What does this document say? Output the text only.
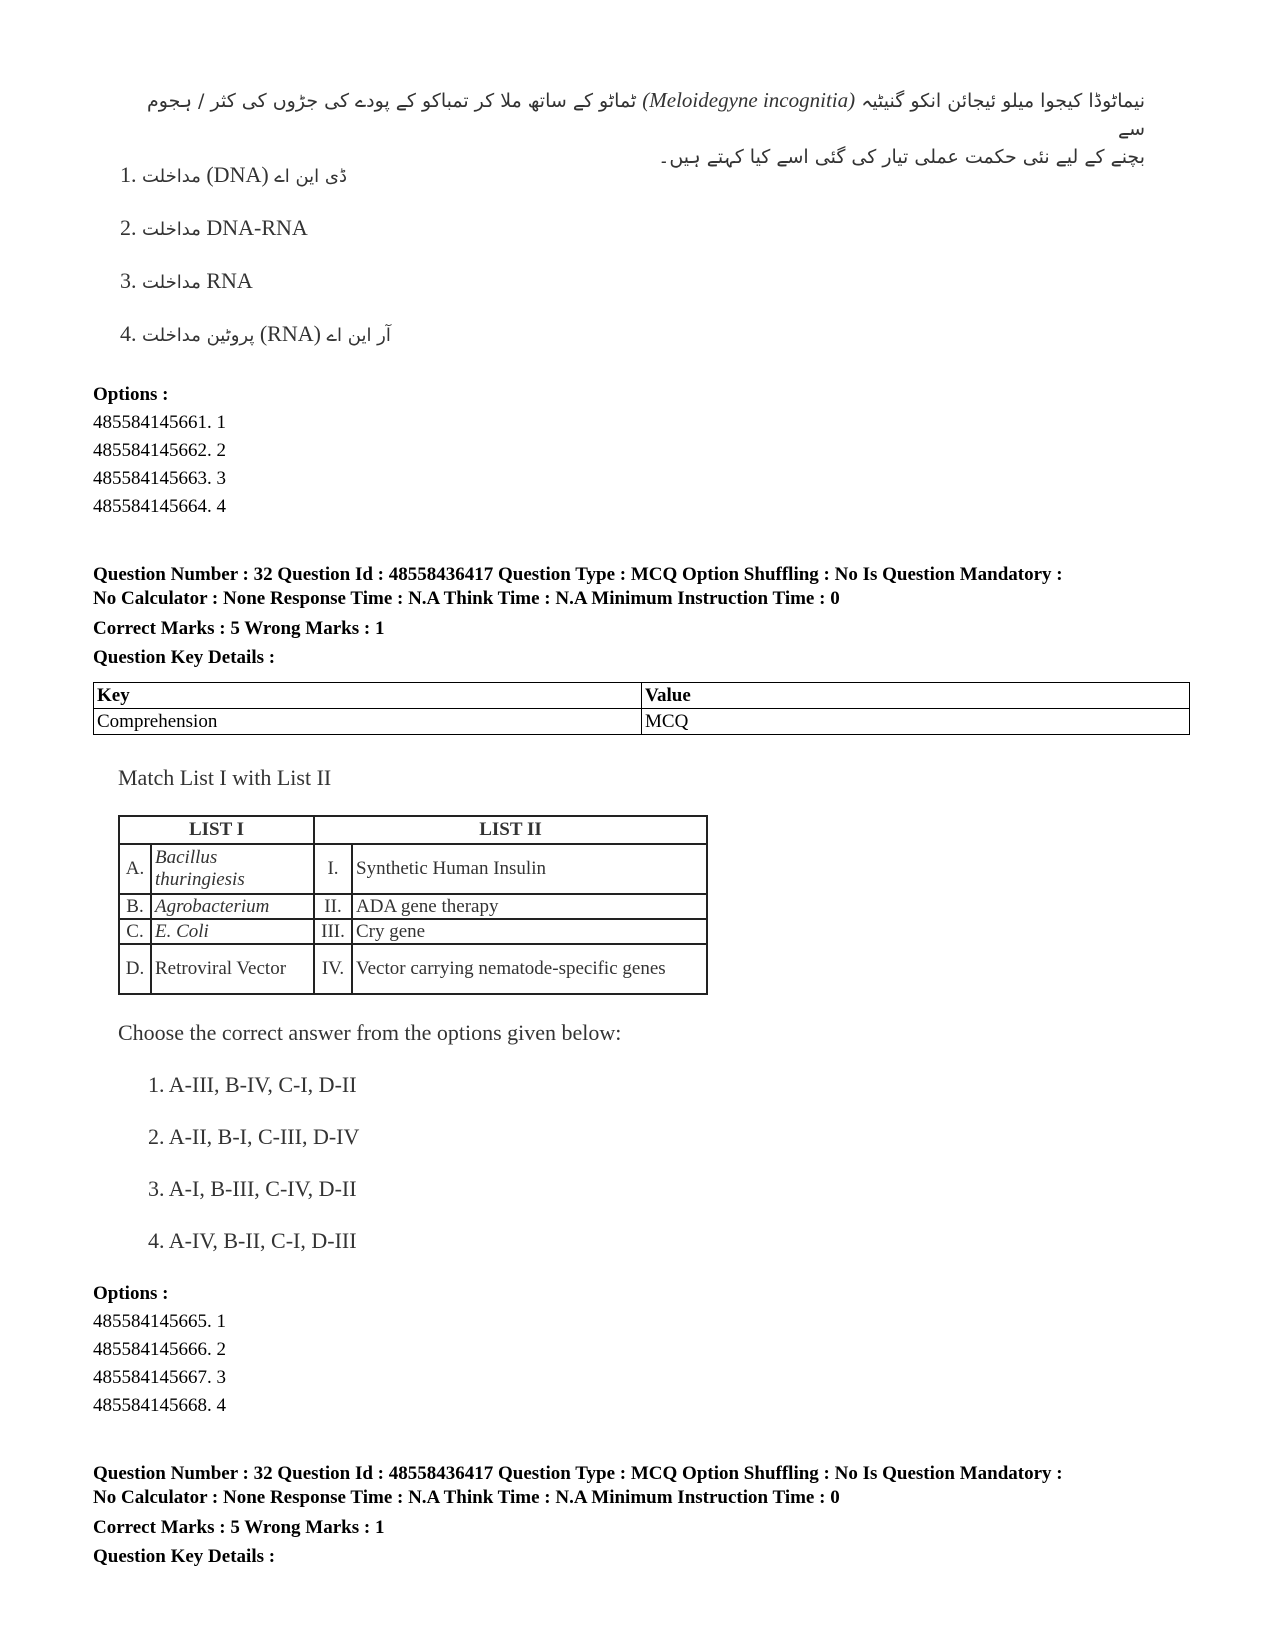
نیماٹوڈا کیجوا میلو ئیجائن انکو گنیٹیہ (Meloidegyne incognitia) ٹماٹو کے ساتھ ملا کر تمباکو کے پودے کی جڑوں کی کثر / ہجوم سے
بچنے کے لیے نئی حکمت عملی تیار کی گئی اسے کیا کہتے ہیں۔
1. مداخلت (DNA) ڈی این اے
2. مداخلت DNA-RNA
3. مداخلت RNA
4. پروٹین مداخلت (RNA) آر این اے
Options :
485584145661. 1
485584145662. 2
485584145663. 3
485584145664. 4
Question Number : 32 Question Id : 48558436417 Question Type : MCQ Option Shuffling : No Is Question Mandatory :
No Calculator : None Response Time : N.A Think Time : N.A Minimum Instruction Time : 0
Correct Marks : 5 Wrong Marks : 1
Question Key Details :
Key	Value
Comprehension	MCQ
Match List I with List II
LIST I		LIST II	
A.	Bacillus thuringiesis	I.	Synthetic Human Insulin
B.	Agrobacterium	II.	ADA gene therapy
C.	E. Coli	III.	Cry gene
D.	Retroviral Vector	IV.	Vector carrying nematode-specific genes
Choose the correct answer from the options given below:
1. A-III, B-IV, C-I, D-II
2. A-II, B-I, C-III, D-IV
3. A-I, B-III, C-IV, D-II
4. A-IV, B-II, C-I, D-III
Options :
485584145665. 1
485584145666. 2
485584145667. 3
485584145668. 4
Question Number : 32 Question Id : 48558436417 Question Type : MCQ Option Shuffling : No Is Question Mandatory :
No Calculator : None Response Time : N.A Think Time : N.A Minimum Instruction Time : 0
Correct Marks : 5 Wrong Marks : 1
Question Key Details :
